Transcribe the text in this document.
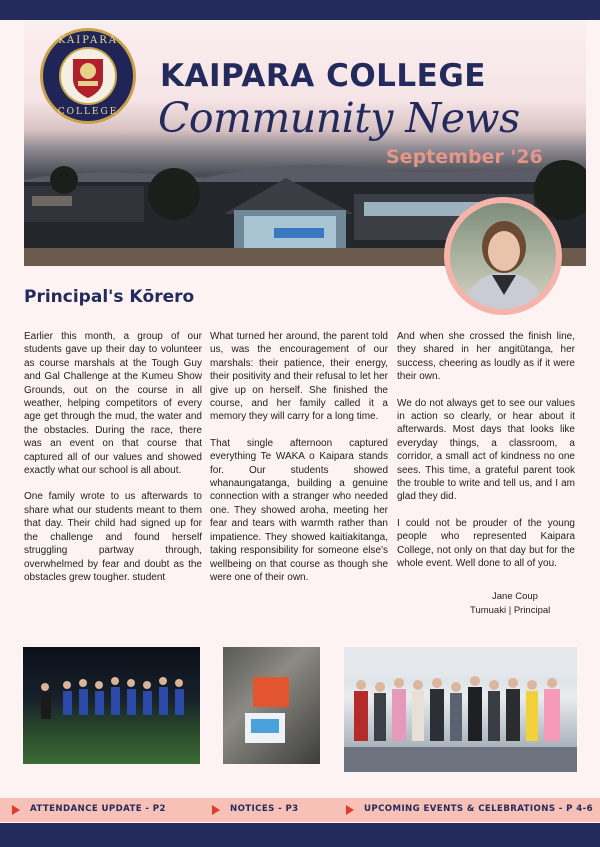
KAIPARA
COLLEGE
KAIPARA COLLEGE
Community News
September '26
Principal's Kōrero

Earlier this month, a group of our students gave up their day to volunteer as course marshals at the Tough Guy and Gal Challenge at the Kumeu Show Grounds, out on the course in all weather, helping competitors of every age get through the mud, the water and the obstacles. During the race, there was an event on that course that captured all of our values and showed exactly what our school is all about.

One family wrote to us afterwards to share what our students meant to them that day. Their child had signed up for the challenge and found herself struggling partway through, overwhelmed by fear and doubt as the obstacles grew tougher. student

What turned her around, the parent told us, was the encouragement of our marshals: their patience, their energy, their positivity and their refusal to let her give up on herself. She finished the course, and her family called it a memory they will carry for a long time.

That single afternoon captured everything Te WAKA o Kaipara stands for. Our students showed whanaungatanga, building a genuine connection with a stranger who needed one. They showed aroha, meeting her fear and tears with warmth rather than impatience. They showed kaitiakitanga, taking responsibility for someone else's wellbeing on that course as though she were one of their own.

And when she crossed the finish line, they shared in her angitūtanga, her success, cheering as loudly as if it were their own.

We do not always get to see our values in action so clearly, or hear about it afterwards. Most days that looks like everyday things, a classroom, a corridor, a small act of kindness no one sees. This time, a grateful parent took the trouble to write and tell us, and I am glad they did.

I could not be prouder of the young people who represented Kaipara College, not only on that day but for the whole event. Well done to all of you.

Jane Coup
Tumuaki | Principal
ATTENDANCE UPDATE - P2	NOTICES - P3	UPCOMING EVENTS & CELEBRATIONS - P 4-6
